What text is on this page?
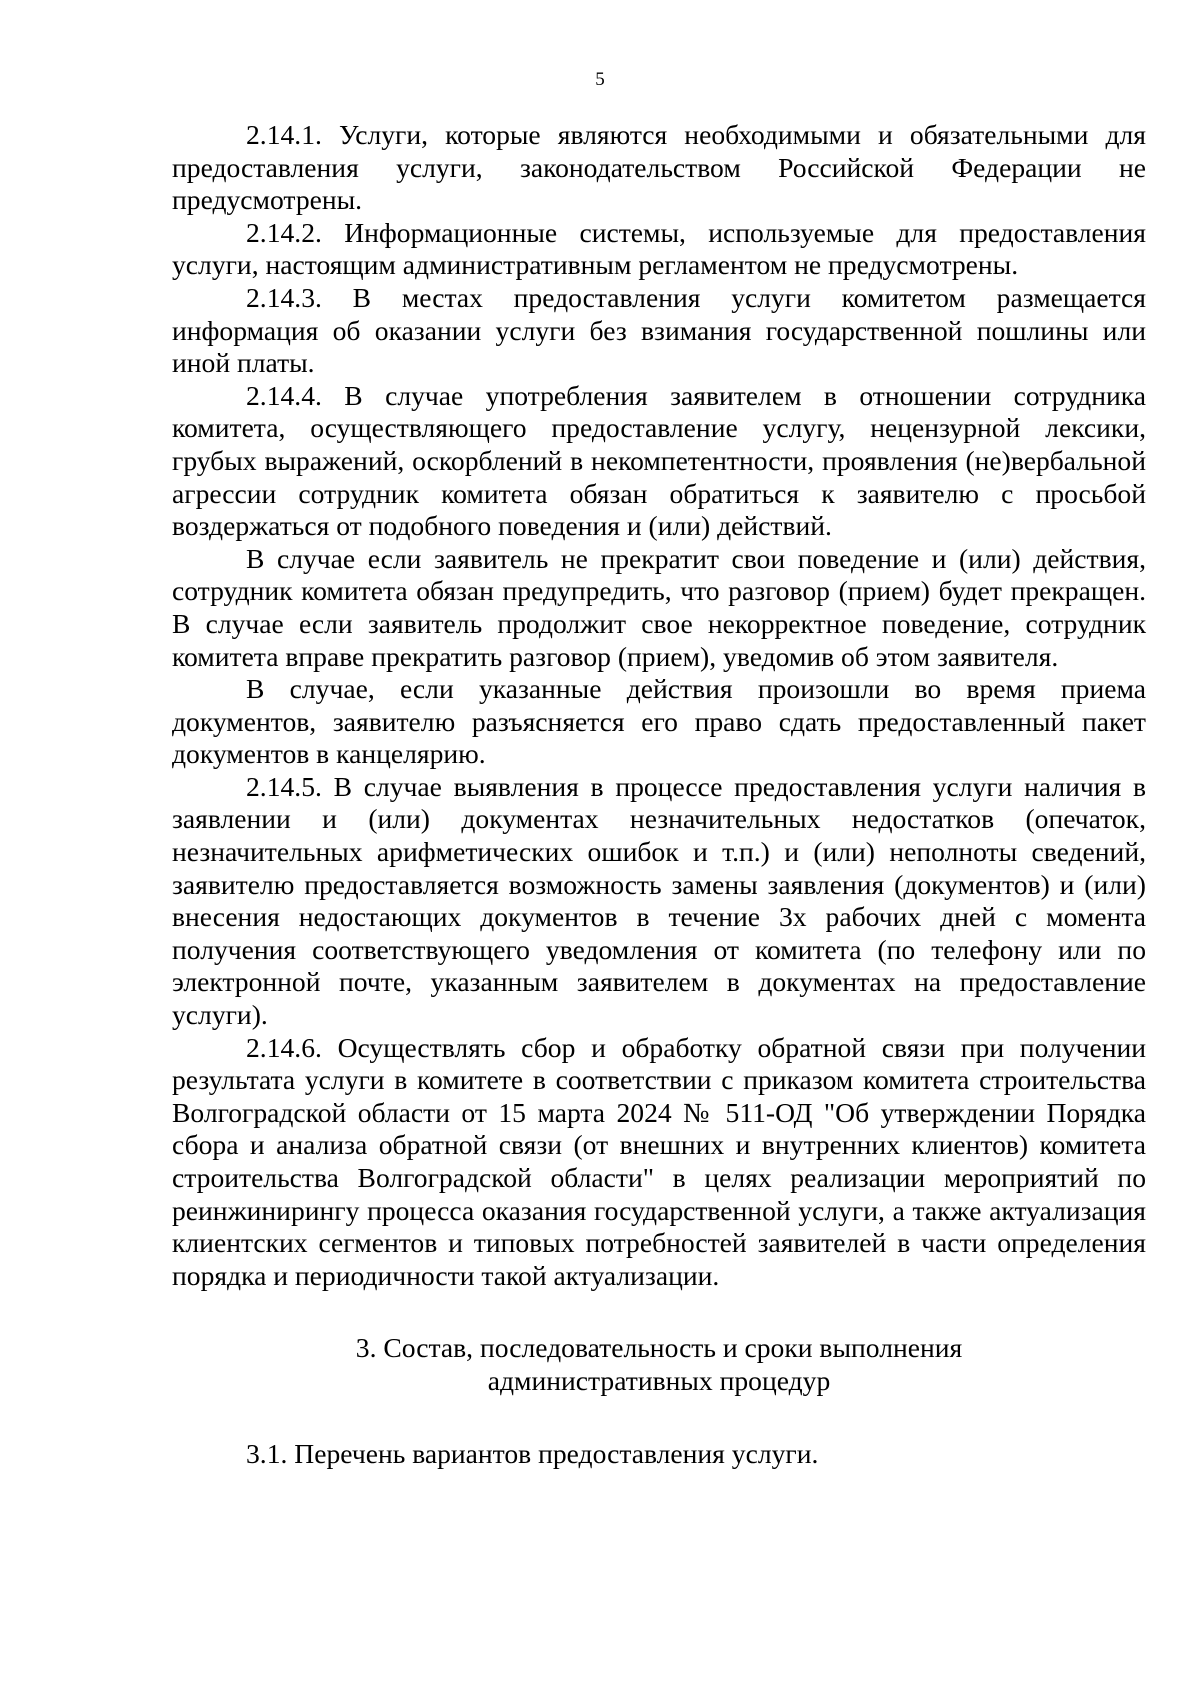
5

2.14.1. Услуги, которые являются необходимыми и обязательными для предоставления услуги, законодательством Российской Федерации не предусмотрены.

2.14.2. Информационные системы, используемые для предоставления услуги, настоящим административным регламентом не предусмотрены.

2.14.3. В местах предоставления услуги комитетом размещается информация об оказании услуги без взимания государственной пошлины или иной платы.

2.14.4. В случае употребления заявителем в отношении сотрудника комитета, осуществляющего предоставление услугу, нецензурной лексики, грубых выражений, оскорблений в некомпетентности, проявления (не)вербальной агрессии сотрудник комитета обязан обратиться к заявителю с просьбой воздержаться от подобного поведения и (или) действий.

В случае если заявитель не прекратит свои поведение и (или) действия, сотрудник комитета обязан предупредить, что разговор (прием) будет прекращен. В случае если заявитель продолжит свое некорректное поведение, сотрудник комитета вправе прекратить разговор (прием), уведомив об этом заявителя.

В случае, если указанные действия произошли во время приема документов, заявителю разъясняется его право сдать предоставленный пакет документов в канцелярию.

2.14.5. В случае выявления в процессе предоставления услуги наличия в заявлении и (или) документах незначительных недостатков (опечаток, незначительных арифметических ошибок и т.п.) и (или) неполноты сведений, заявителю предоставляется возможность замены заявления (документов) и (или) внесения недостающих документов в течение 3х рабочих дней с момента получения соответствующего уведомления от комитета (по телефону или по электронной почте, указанным заявителем в документах на предоставление услуги).

2.14.6. Осуществлять сбор и обработку обратной связи при получении результата услуги в комитете в соответствии с приказом комитета строительства Волгоградской области от 15 марта 2024 № 511-ОД "Об утверждении Порядка сбора и анализа обратной связи (от внешних и внутренних клиентов) комитета строительства Волгоградской области" в целях реализации мероприятий по реинжинирингу процесса оказания государственной услуги, а также актуализация клиентских сегментов и типовых потребностей заявителей в части определения порядка и периодичности такой актуализации.

3. Состав, последовательность и сроки выполнения
административных процедур

3.1. Перечень вариантов предоставления услуги.
